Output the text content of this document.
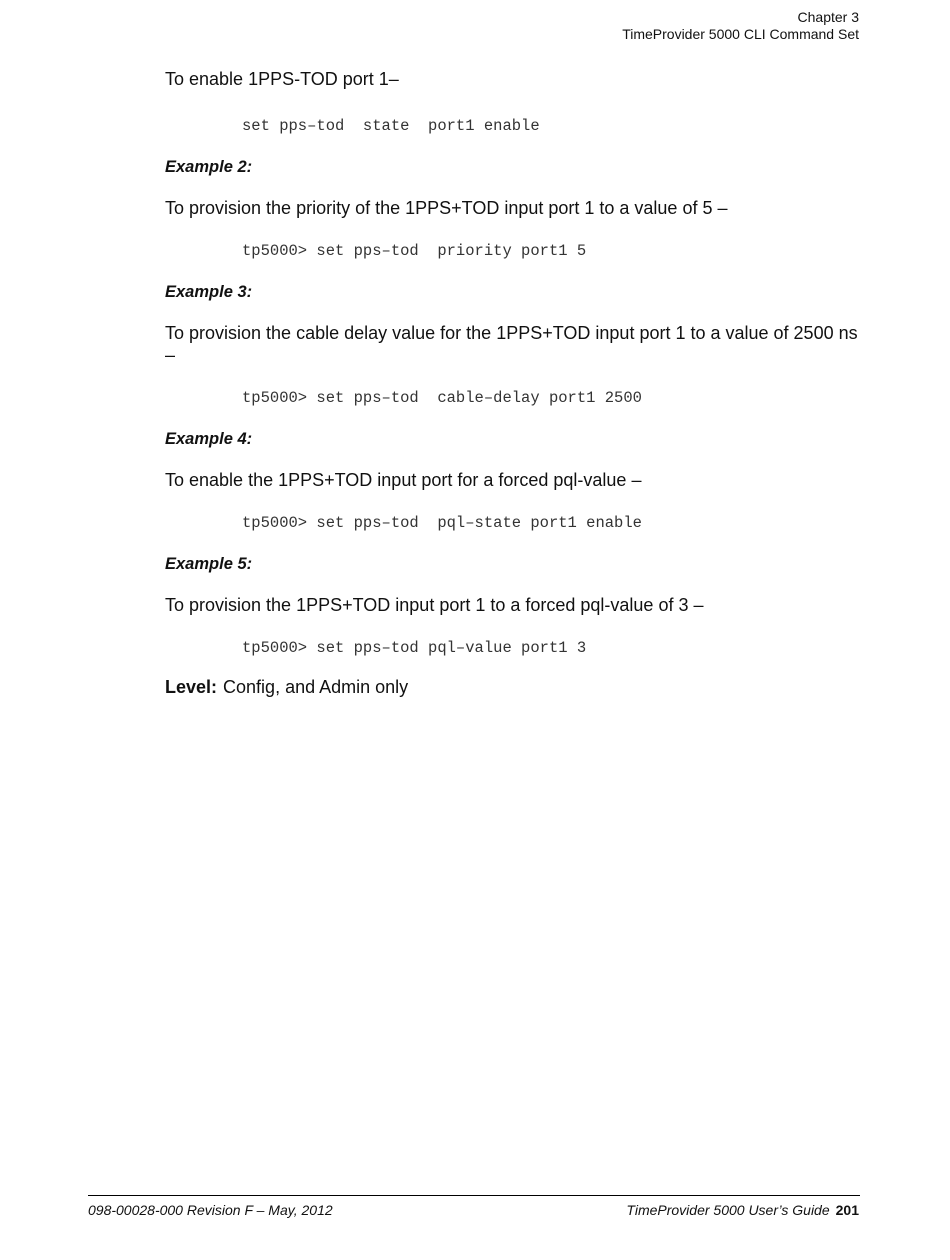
Chapter 3
TimeProvider 5000 CLI Command Set

To enable 1PPS-TOD port 1–

set pps–tod  state  port1 enable

Example 2:

To provision the priority of the 1PPS+TOD input port 1 to a value of 5 –

tp5000> set pps–tod  priority port1 5

Example 3:

To provision the cable delay value for the 1PPS+TOD input port 1 to a value of 2500 ns –

tp5000> set pps–tod  cable–delay port1 2500

Example 4:

To enable the 1PPS+TOD input port for a forced pql-value –

tp5000> set pps–tod  pql–state port1 enable

Example 5:

To provision the 1PPS+TOD input port 1 to a forced pql-value of 3 –

tp5000> set pps–tod pql–value port1 3

Level: Config, and Admin only

098-00028-000 Revision F – May, 2012	TimeProvider 5000 User’s Guide 201
